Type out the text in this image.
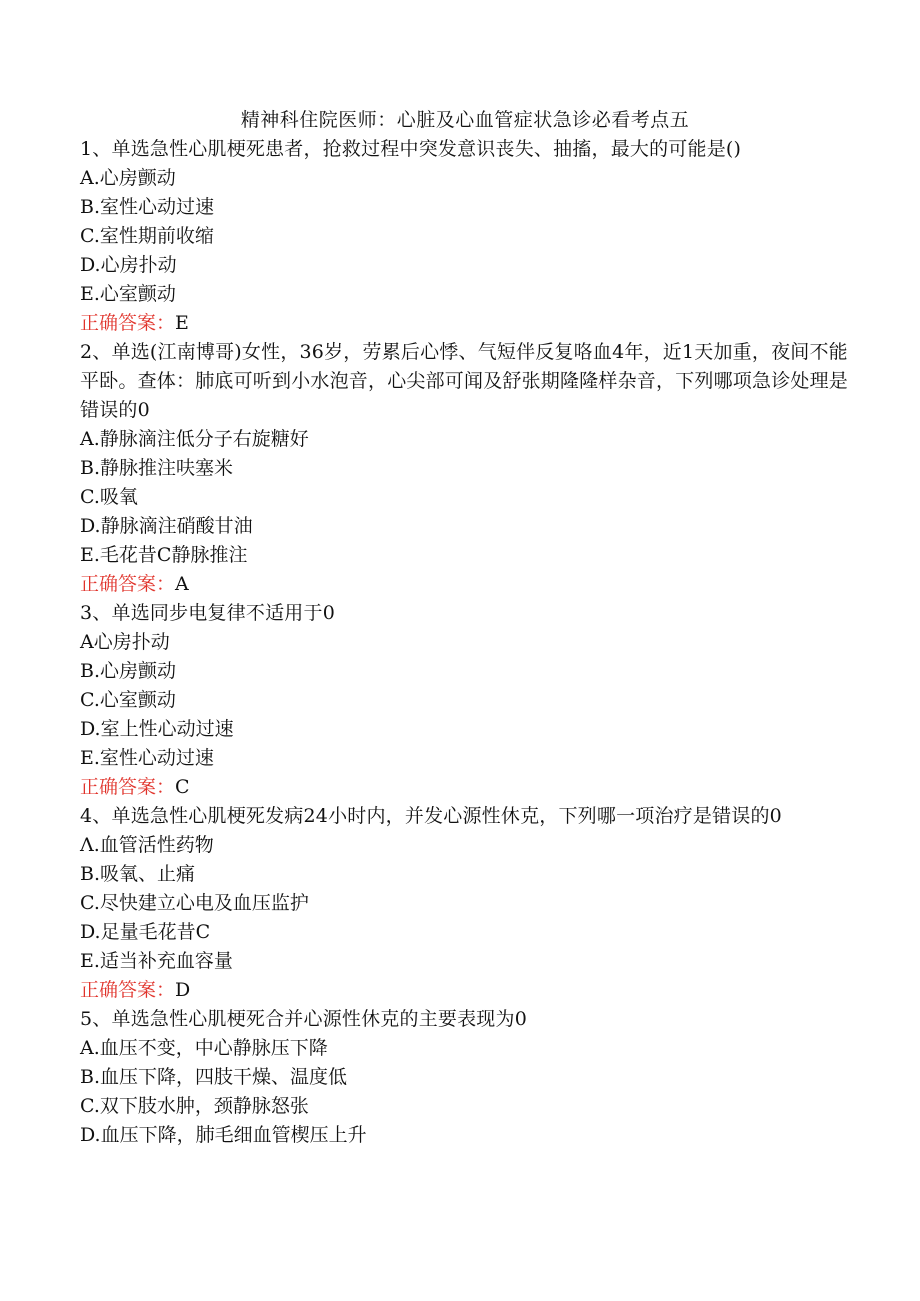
精神科住院医师：心脏及心血管症状急诊必看考点五
1、单选急性心肌梗死患者，抢救过程中突发意识丧失、抽搐，最大的可能是()
A.心房颤动
B.室性心动过速
C.室性期前收缩
D.心房扑动
E.心室颤动
正确答案：E
2、单选(江南博哥)女性，36岁，劳累后心悸、气短伴反复咯血4年，近1天加重，夜间不能平卧。查体：肺底可听到小水泡音，心尖部可闻及舒张期隆隆样杂音，下列哪项急诊处理是错误的0
A.静脉滴注低分子右旋糖好
B.静脉推注呋塞米
C.吸氧
D.静脉滴注硝酸甘油
E.毛花昔C静脉推注
正确答案：A
3、单选同步电复律不适用于0
A心房扑动
B.心房颤动
C.心室颤动
D.室上性心动过速
E.室性心动过速
正确答案：C
4、单选急性心肌梗死发病24小时内，并发心源性休克，下列哪一项治疗是错误的0
Λ.血管活性药物
B.吸氧、止痛
C.尽快建立心电及血压监护
D.足量毛花昔C
E.适当补充血容量
正确答案：D
5、单选急性心肌梗死合并心源性休克的主要表现为0
A.血压不变，中心静脉压下降
B.血压下降，四肢干燥、温度低
C.双下肢水肿，颈静脉怒张
D.血压下降，肺毛细血管楔压上升
